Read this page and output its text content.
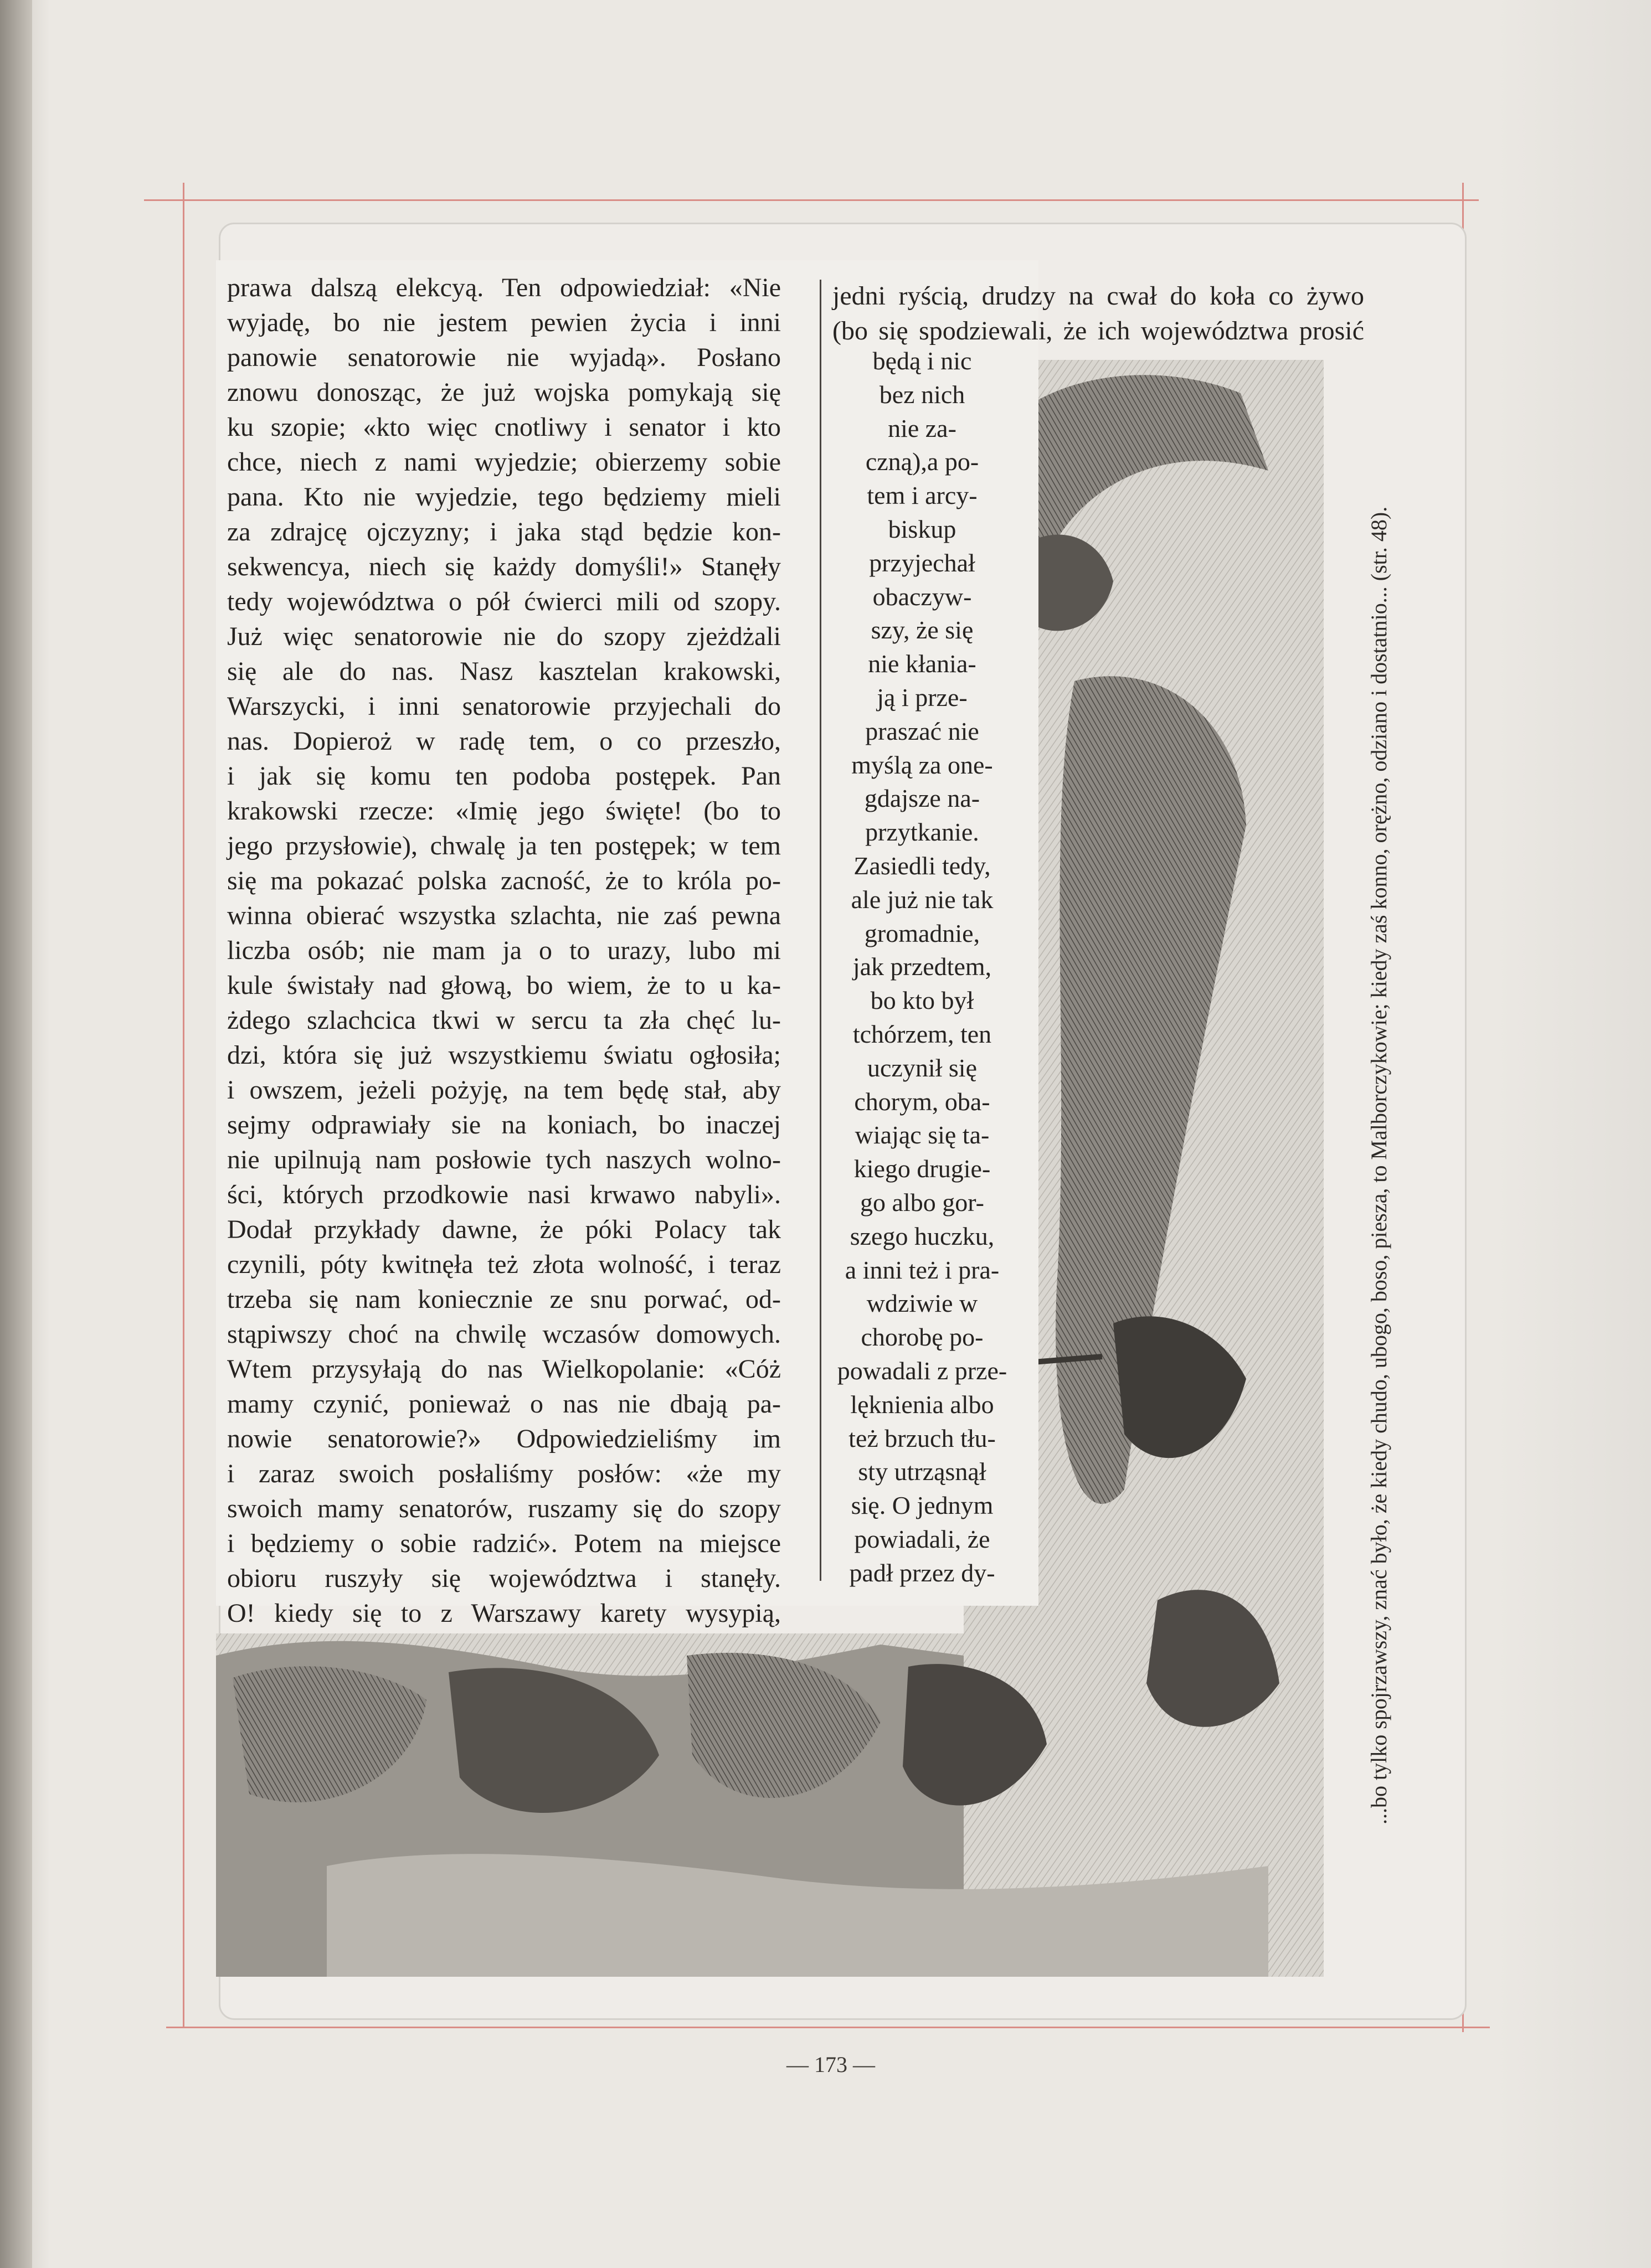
prawa dalszą elekcyą. Ten odpowiedział: «Nie

wyjadę, bo nie jestem pewien życia i inni

panowie senatorowie nie wyjadą». Posłano

znowu donosząc, że już wojska pomykają się

ku szopie; «kto więc cnotliwy i senator i kto

chce, niech z nami wyjedzie; obierzemy sobie

pana. Kto nie wyjedzie, tego będziemy mieli

za zdrajcę ojczyzny; i jaka stąd będzie kon-

sekwencya, niech się każdy domyśli!» Stanęły

tedy województwa o pół ćwierci mili od szopy.

Już więc senatorowie nie do szopy zjeżdżali

się ale do nas. Nasz kasztelan krakowski,

Warszycki, i inni senatorowie przyjechali do

nas. Dopieroż w radę tem, o co przeszło,

i jak się komu ten podoba postępek. Pan

krakowski rzecze: «Imię jego święte! (bo to

jego przysłowie), chwalę ja ten postępek; w tem

się ma pokazać polska zacność, że to króla po-

winna obierać wszystka szlachta, nie zaś pewna

liczba osób; nie mam ja o to urazy, lubo mi

kule świstały nad głową, bo wiem, że to u ka-

żdego szlachcica tkwi w sercu ta zła chęć lu-

dzi, która się już wszystkiemu światu ogłosiła;

i owszem, jeżeli pożyję, na tem będę stał, aby

sejmy odprawiały sie na koniach, bo inaczej

nie upilnują nam posłowie tych naszych wolno-

ści, których przodkowie nasi krwawo nabyli».

Dodał przykłady dawne, że póki Polacy tak

czynili, póty kwitnęła też złota wolność, i teraz

trzeba się nam koniecznie ze snu porwać, od-

stąpiwszy choć na chwilę wczasów domowych.

Wtem przysyłają do nas Wielkopolanie: «Cóż

mamy czynić, ponieważ o nas nie dbają pa-

nowie senatorowie?» Odpowiedzieliśmy im

i zaraz swoich posłaliśmy posłów: «że my

swoich mamy senatorów, ruszamy się do szopy

i będziemy o sobie radzić». Potem na miejsce

obioru ruszyły się województwa i stanęły.

O! kiedy się to z Warszawy karety wysypią,

jedni ryścią, drudzy na cwał do koła co żywo

(bo się spodziewali, że ich województwa prosić

będą i nic

bez nich

nie za-

czną),a po-

tem i arcy-

biskup

przyjechał

obaczyw-

szy, że się

nie kłania-

ją i prze-

praszać nie

myślą za one-

gdajsze na-

przytkanie.

Zasiedli tedy,

ale już nie tak

gromadnie,

jak przedtem,

bo kto był

tchórzem, ten

uczynił się

chorym, oba-

wiając się ta-

kiego drugie-

go albo gor-

szego huczku,

a inni też i pra-

wdziwie w

chorobę po-

powadali z prze-

lęknienia albo

też brzuch tłu-

sty utrząsnął

się. O jednym

powiadali, że

padł przez dy-	...bo tylko spojrzawszy, znać było, że kiedy chudo, ubogo, boso, piesza, to Malborczykowie; kiedy zaś konno, orężno, odziano i dostatnio... (str. 48).
— 173 —
